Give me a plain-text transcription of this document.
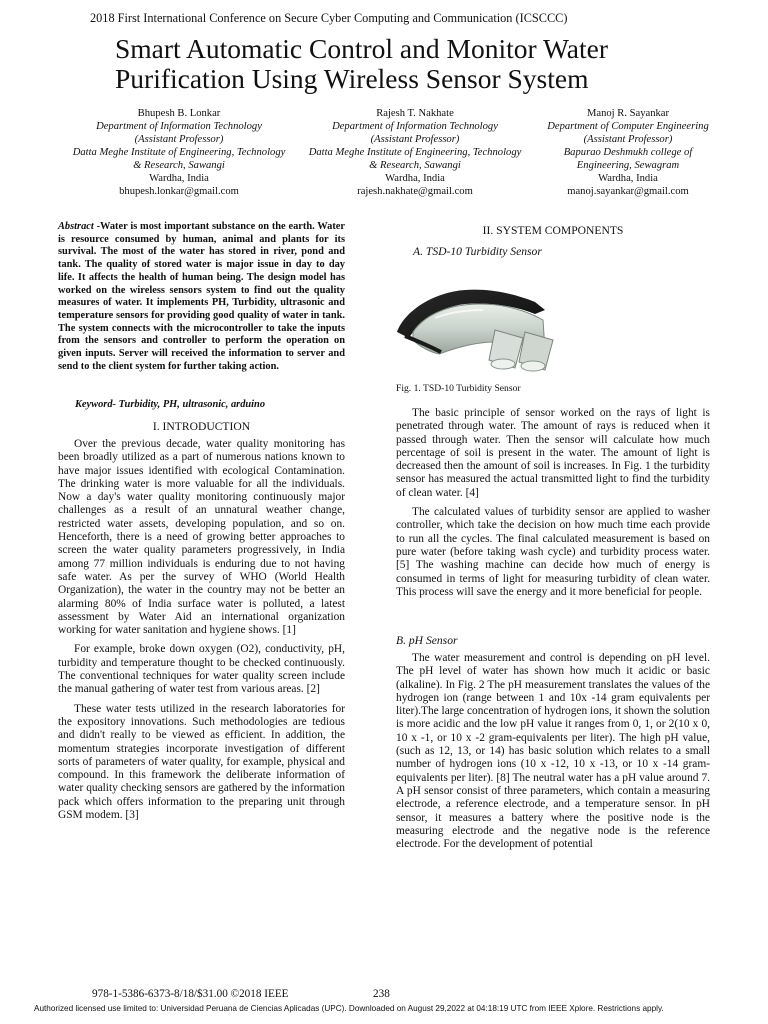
2018 First International Conference on Secure Cyber Computing and Communication (ICSCCC)
Smart Automatic Control and Monitor Water Purification Using Wireless Sensor System
Bhupesh B. Lonkar
Department of Information Technology
(Assistant Professor)
Datta Meghe Institute of Engineering, Technology & Research, Sawangi
Wardha, India
bhupesh.lonkar@gmail.com
Rajesh T. Nakhate
Department of Information Technology
(Assistant Professor)
Datta Meghe Institute of Engineering, Technology & Research, Sawangi
Wardha, India
rajesh.nakhate@gmail.com
Manoj R. Sayankar
Department of Computer Engineering
(Assistant Professor)
Bapurao Deshmukh college of Engineering, Sewagram
Wardha, India
manoj.sayankar@gmail.com
Abstract -Water is most important substance on the earth. Water is resource consumed by human, animal and plants for its survival. The most of the water has stored in river, pond and tank. The quality of stored water is major issue in day to day life. It affects the health of human being. The design model has worked on the wireless sensors system to find out the quality measures of water. It implements PH, Turbidity, ultrasonic and temperature sensors for providing good quality of water in tank. The system connects with the microcontroller to take the inputs from the sensors and controller to perform the operation on given inputs. Server will received the information to server and send to the client system for further taking action.
Keyword- Turbidity, PH, ultrasonic, arduino
I. INTRODUCTION

Over the previous decade, water quality monitoring has been broadly utilized as a part of numerous nations known to have major issues identified with ecological Contamination. The drinking water is more valuable for all the individuals. Now a day's water quality monitoring continuously major challenges as a result of an unnatural weather change, restricted water assets, developing population, and so on. Henceforth, there is a need of growing better approaches to screen the water quality parameters progressively, in India among 77 million individuals is enduring due to not having safe water. As per the survey of WHO (World Health Organization), the water in the country may not be better an alarming 80% of India surface water is polluted, a latest assessment by Water Aid an international organization working for water sanitation and hygiene shows. [1]

For example, broke down oxygen (O2), conductivity, pH, turbidity and temperature thought to be checked continuously. The conventional techniques for water quality screen include the manual gathering of water test from various areas. [2]

These water tests utilized in the research laboratories for the expository innovations. Such methodologies are tedious and didn't really to be viewed as efficient. In addition, the momentum strategies incorporate investigation of different sorts of parameters of water quality, for example, physical and compound. In this framework the deliberate information of water quality checking sensors are gathered by the information pack which offers information to the preparing unit through GSM modem. [3]

II. SYSTEM COMPONENTS
A. TSD-10 Turbidity Sensor
Fig. 1. TSD-10 Turbidity Sensor

The basic principle of sensor worked on the rays of light is penetrated through water. The amount of rays is reduced when it passed through water. Then the sensor will calculate how much percentage of soil is present in the water. The amount of light is decreased then the amount of soil is increases. In Fig. 1 the turbidity sensor has measured the actual transmitted light to find the turbidity of clean water. [4]

The calculated values of turbidity sensor are applied to washer controller, which take the decision on how much time each provide to run all the cycles. The final calculated measurement is based on pure water (before taking wash cycle) and turbidity process water. [5] The washing machine can decide how much of energy is consumed in terms of light for measuring turbidity of clean water. This process will save the energy and it more beneficial for people.

B. pH Sensor

The water measurement and control is depending on pH level. The pH level of water has shown how much it acidic or basic (alkaline). In Fig. 2 The pH measurement translates the values of the hydrogen ion (range between 1 and 10x -14 gram equivalents per liter).The large concentration of hydrogen ions, it shown the solution is more acidic and the low pH value it ranges from 0, 1, or 2(10 x 0, 10 x -1, or 10 x -2 gram-equivalents per liter). The high pH value, (such as 12, 13, or 14) has basic solution which relates to a small number of hydrogen ions (10 x -12, 10 x -13, or 10 x -14 gram-equivalents per liter). [8] The neutral water has a pH value around 7. A pH sensor consist of three parameters, which contain a measuring electrode, a reference electrode, and a temperature sensor. In pH sensor, it measures a battery where the positive node is the measuring electrode and the negative node is the reference electrode. For the development of potential

978-1-5386-6373-8/18/$31.00 ©2018 IEEE	238
Authorized licensed use limited to: Universidad Peruana de Ciencias Aplicadas (UPC). Downloaded on August 29,2022 at 04:18:19 UTC from IEEE Xplore. Restrictions apply.
